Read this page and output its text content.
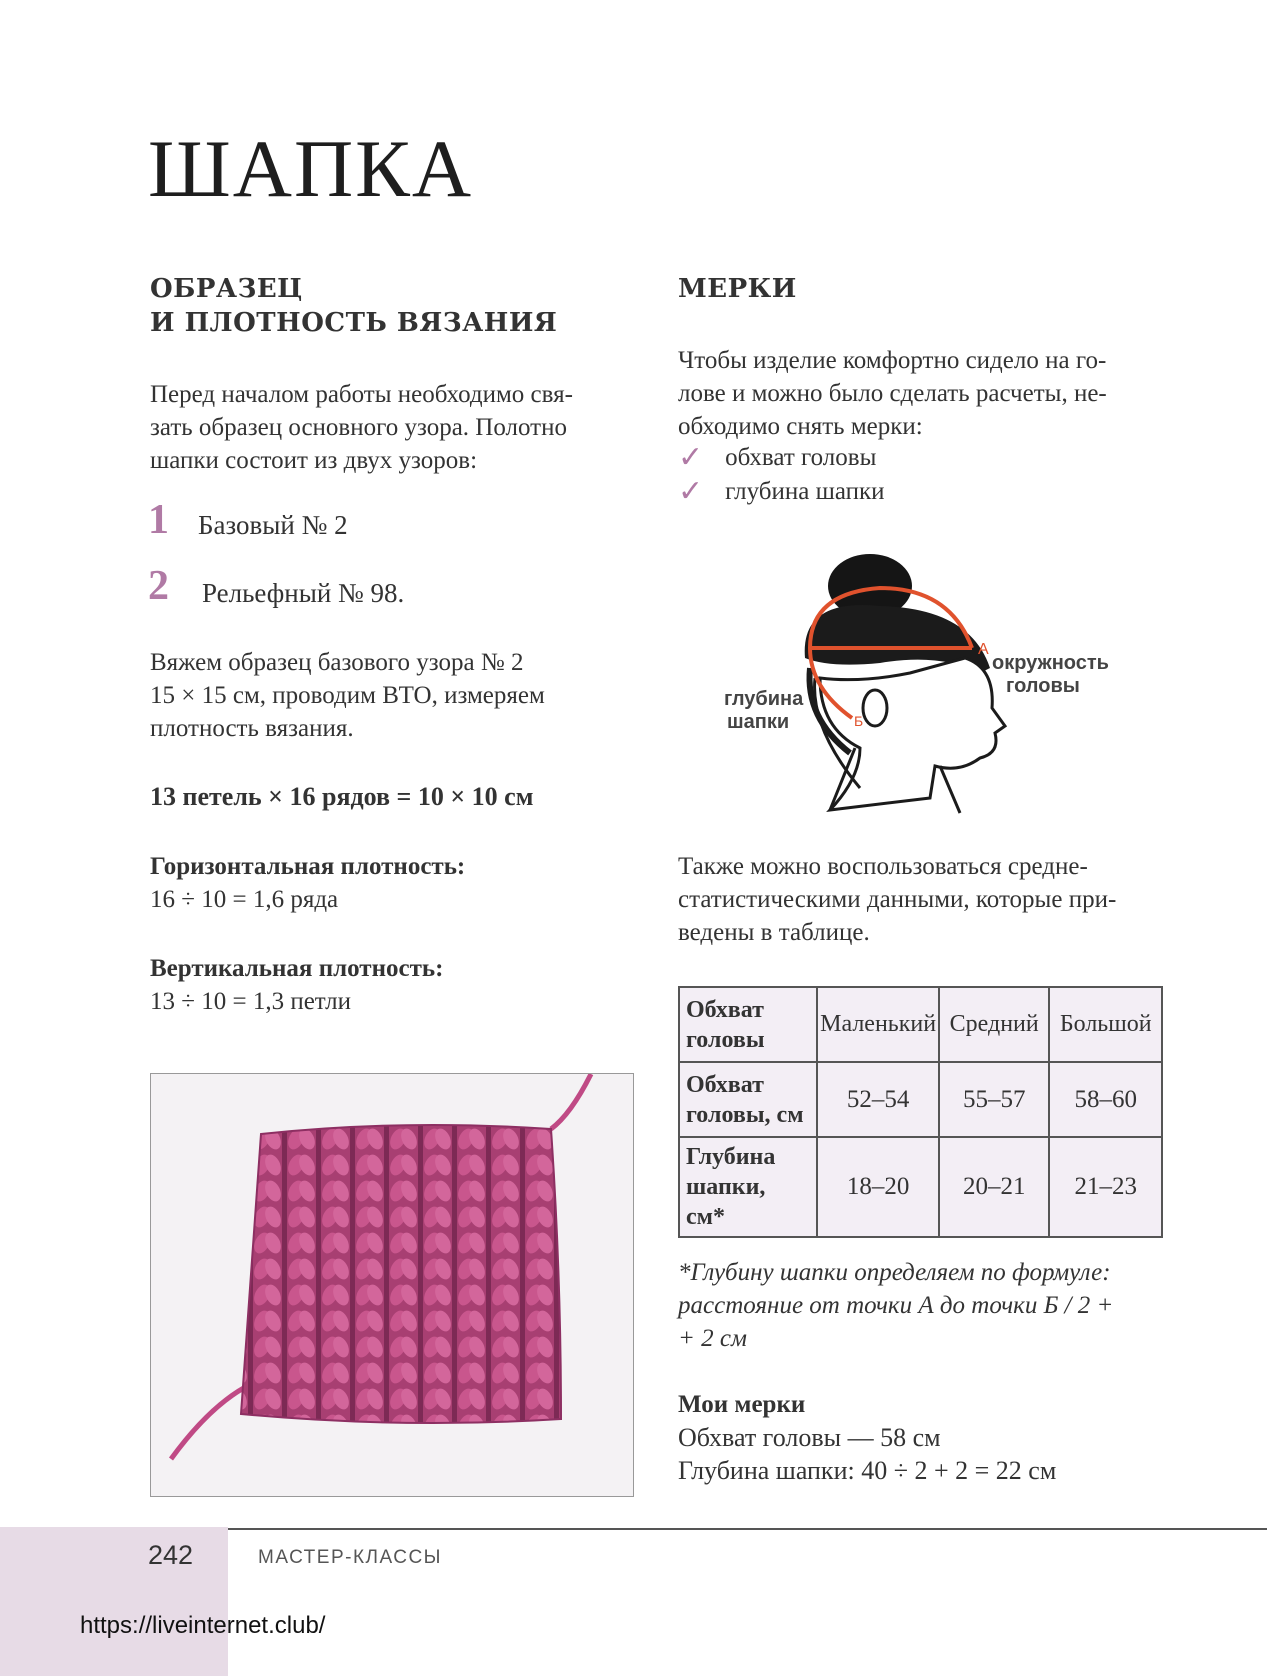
ШАПКА
ОБРАЗЕЦ
И ПЛОТНОСТЬ ВЯЗАНИЯ
Перед началом работы необходимо свя-
зать образец основного узора. Полотно
шапки состоит из двух узоров:
1 Базовый № 2
2 Рельефный № 98.
Вяжем образец базового узора № 2
15 × 15 см, проводим ВТО, измеряем
плотность вязания.
13 петель × 16 рядов = 10 × 10 см
Горизонтальная плотность:
16 ÷ 10 = 1,6 ряда
Вертикальная плотность:
13 ÷ 10 = 1,3 петли
МЕРКИ
Чтобы изделие комфортно сидело на го-
лове и можно было сделать расчеты, не-
обходимо снять мерки:
✓ обхват головы
✓ глубина шапки
А
Б
окружность
головы
глубина
шапки
Также можно воспользоваться средне-
статистическими данными, которые при-
ведены в таблице.
Обхват головы	Маленький	Средний	Большой

Обхват
головы, см	52–54	55–57	58–60

Глубина
шапки, см*	18–20	20–21	21–23
*Глубину шапки определяем по формуле:
расстояние от точки А до точки Б / 2 +
+ 2 см
Мои мерки
Обхват головы — 58 см
Глубина шапки: 40 ÷ 2 + 2 = 22 см
242	МАСТЕР-КЛАССЫ
https://liveinternet.club/
